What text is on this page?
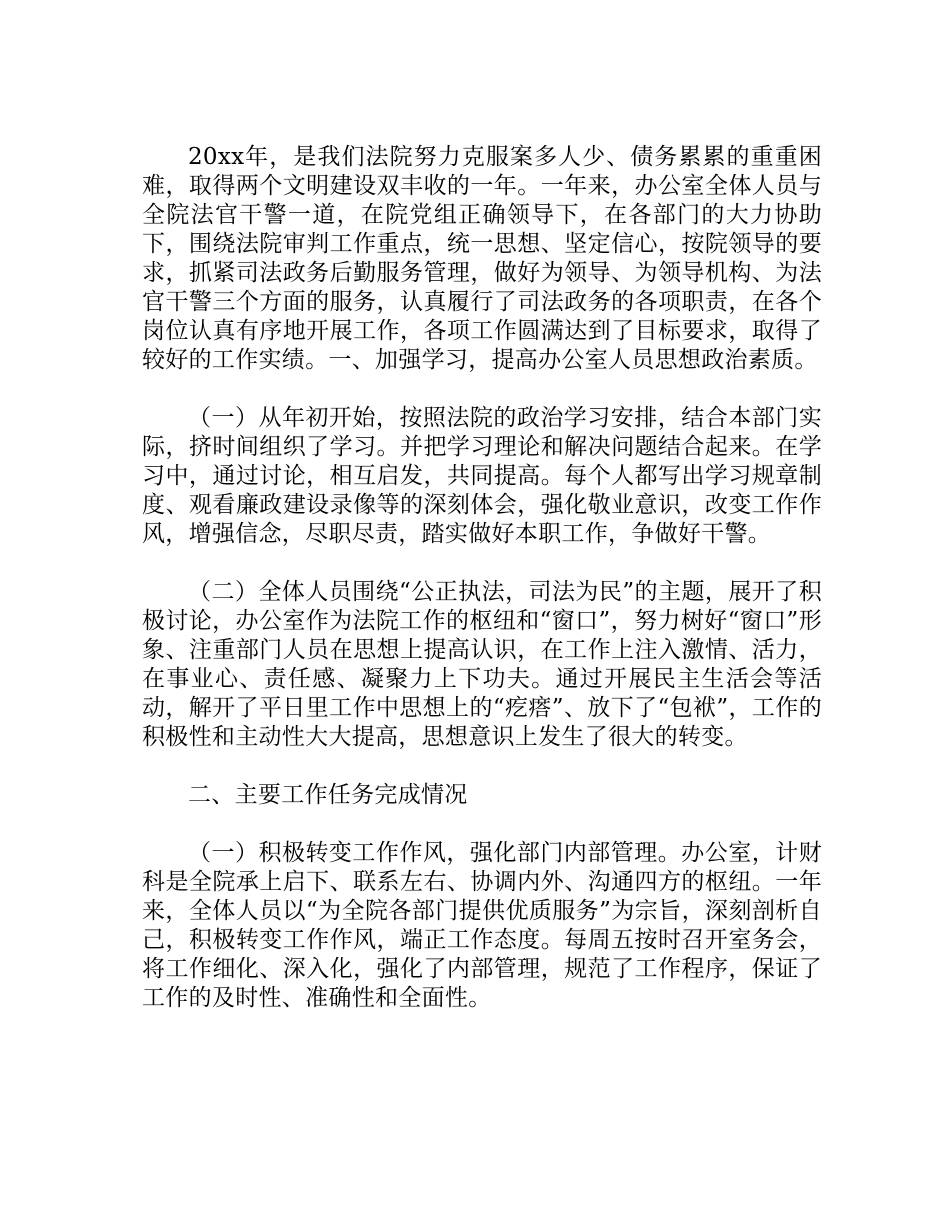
20xx年，是我们法院努力克服案多人少、债务累累的重重困难，取得两个文明建设双丰收的一年。一年来，办公室全体人员与全院法官干警一道，在院党组正确领导下，在各部门的大力协助下，围绕法院审判工作重点，统一思想、坚定信心，按院领导的要求，抓紧司法政务后勤服务管理，做好为领导、为领导机构、为法官干警三个方面的服务，认真履行了司法政务的各项职责，在各个岗位认真有序地开展工作，各项工作圆满达到了目标要求，取得了较好的工作实绩。一、加强学习，提高办公室人员思想政治素质。

（一）从年初开始，按照法院的政治学习安排，结合本部门实际，挤时间组织了学习。并把学习理论和解决问题结合起来。在学习中，通过讨论，相互启发，共同提高。每个人都写出学习规章制度、观看廉政建设录像等的深刻体会，强化敬业意识，改变工作作风，增强信念，尽职尽责，踏实做好本职工作，争做好干警。

（二）全体人员围绕“公正执法，司法为民”的主题，展开了积极讨论，办公室作为法院工作的枢纽和“窗口”，努力树好“窗口”形象、注重部门人员在思想上提高认识，在工作上注入激情、活力，在事业心、责任感、凝聚力上下功夫。通过开展民主生活会等活动，解开了平日里工作中思想上的“疙瘩”、放下了“包袱”，工作的积极性和主动性大大提高，思想意识上发生了很大的转变。

二、主要工作任务完成情况

（一）积极转变工作作风，强化部门内部管理。办公室，计财科是全院承上启下、联系左右、协调内外、沟通四方的枢纽。一年来，全体人员以“为全院各部门提供优质服务”为宗旨，深刻剖析自己，积极转变工作作风，端正工作态度。每周五按时召开室务会，将工作细化、深入化，强化了内部管理，规范了工作程序，保证了工作的及时性、准确性和全面性。
